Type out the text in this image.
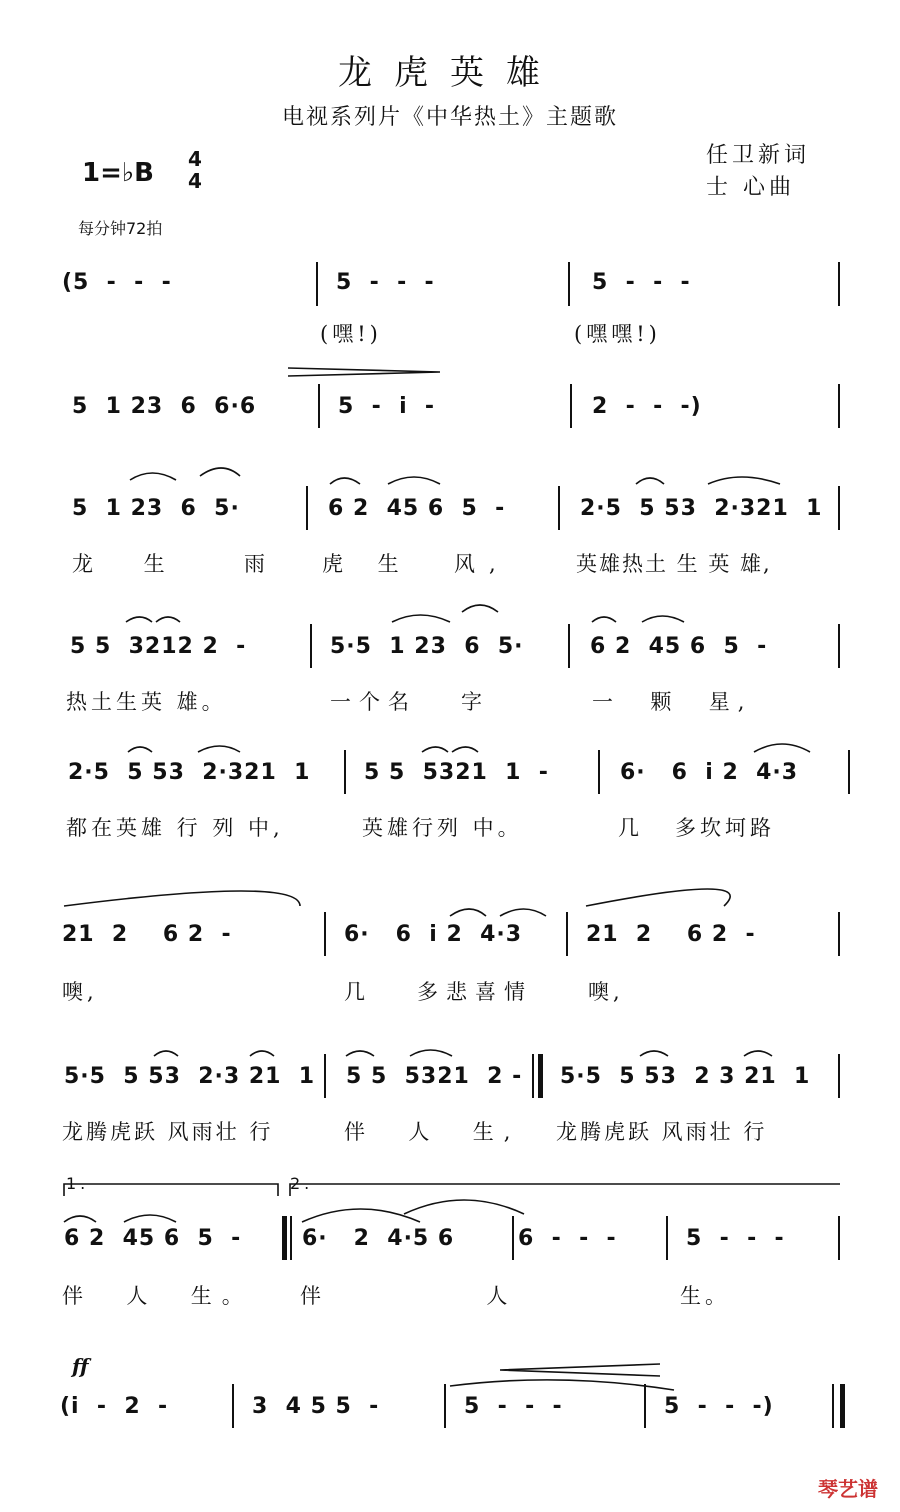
龙虎英雄
电视系列片《中华热土》主题歌
1=♭B 4
4
任卫新词
士 心曲
每分钟72拍
(5  -  -  -	5  -  -  -	5  -  -  -
(嘿!)	(嘿嘿!)
5  1 23  6  6·6	5  -  i  -	2  -  -  -)
5  1 23  6  5·	6 2  45 6  5  -	2·5  5 53  2·321  1
龙 生  雨 虎 生  风,	英雄热土 生 英 雄,
5 5  3212 2  -	5·5  1 23  6  5·	6 2  45 6  5  -
热土生英 雄。	一个名   字	一  颗  星,
2·5  5 53  2·321  1 5 5  5321  1  -	6·   6  i 2  4·3
都在英雄 行 列 中,	英雄行列 中。	几   多坎坷路
21  2    6 2  -	6·   6  i 2  4·3	21  2    6 2  -
噢,	几   多悲喜情	噢,
5·5  5 53  2·3 21  1 5 5  5321  2 - 5·5  5 53  2 3 21  1
龙腾虎跃 风雨壮 行	伴  人  生, 龙腾虎跃 风雨壮 行
1.	2.
6 2  45 6  5  -	6·   2  4·5 6	6  -  -  -	5  -  -  -
伴  人  生。 伴     人	生。
ff
(i  -  2  -	3  4 5 5  -	5  -  -  -	5  -  -  -)
琴艺谱
